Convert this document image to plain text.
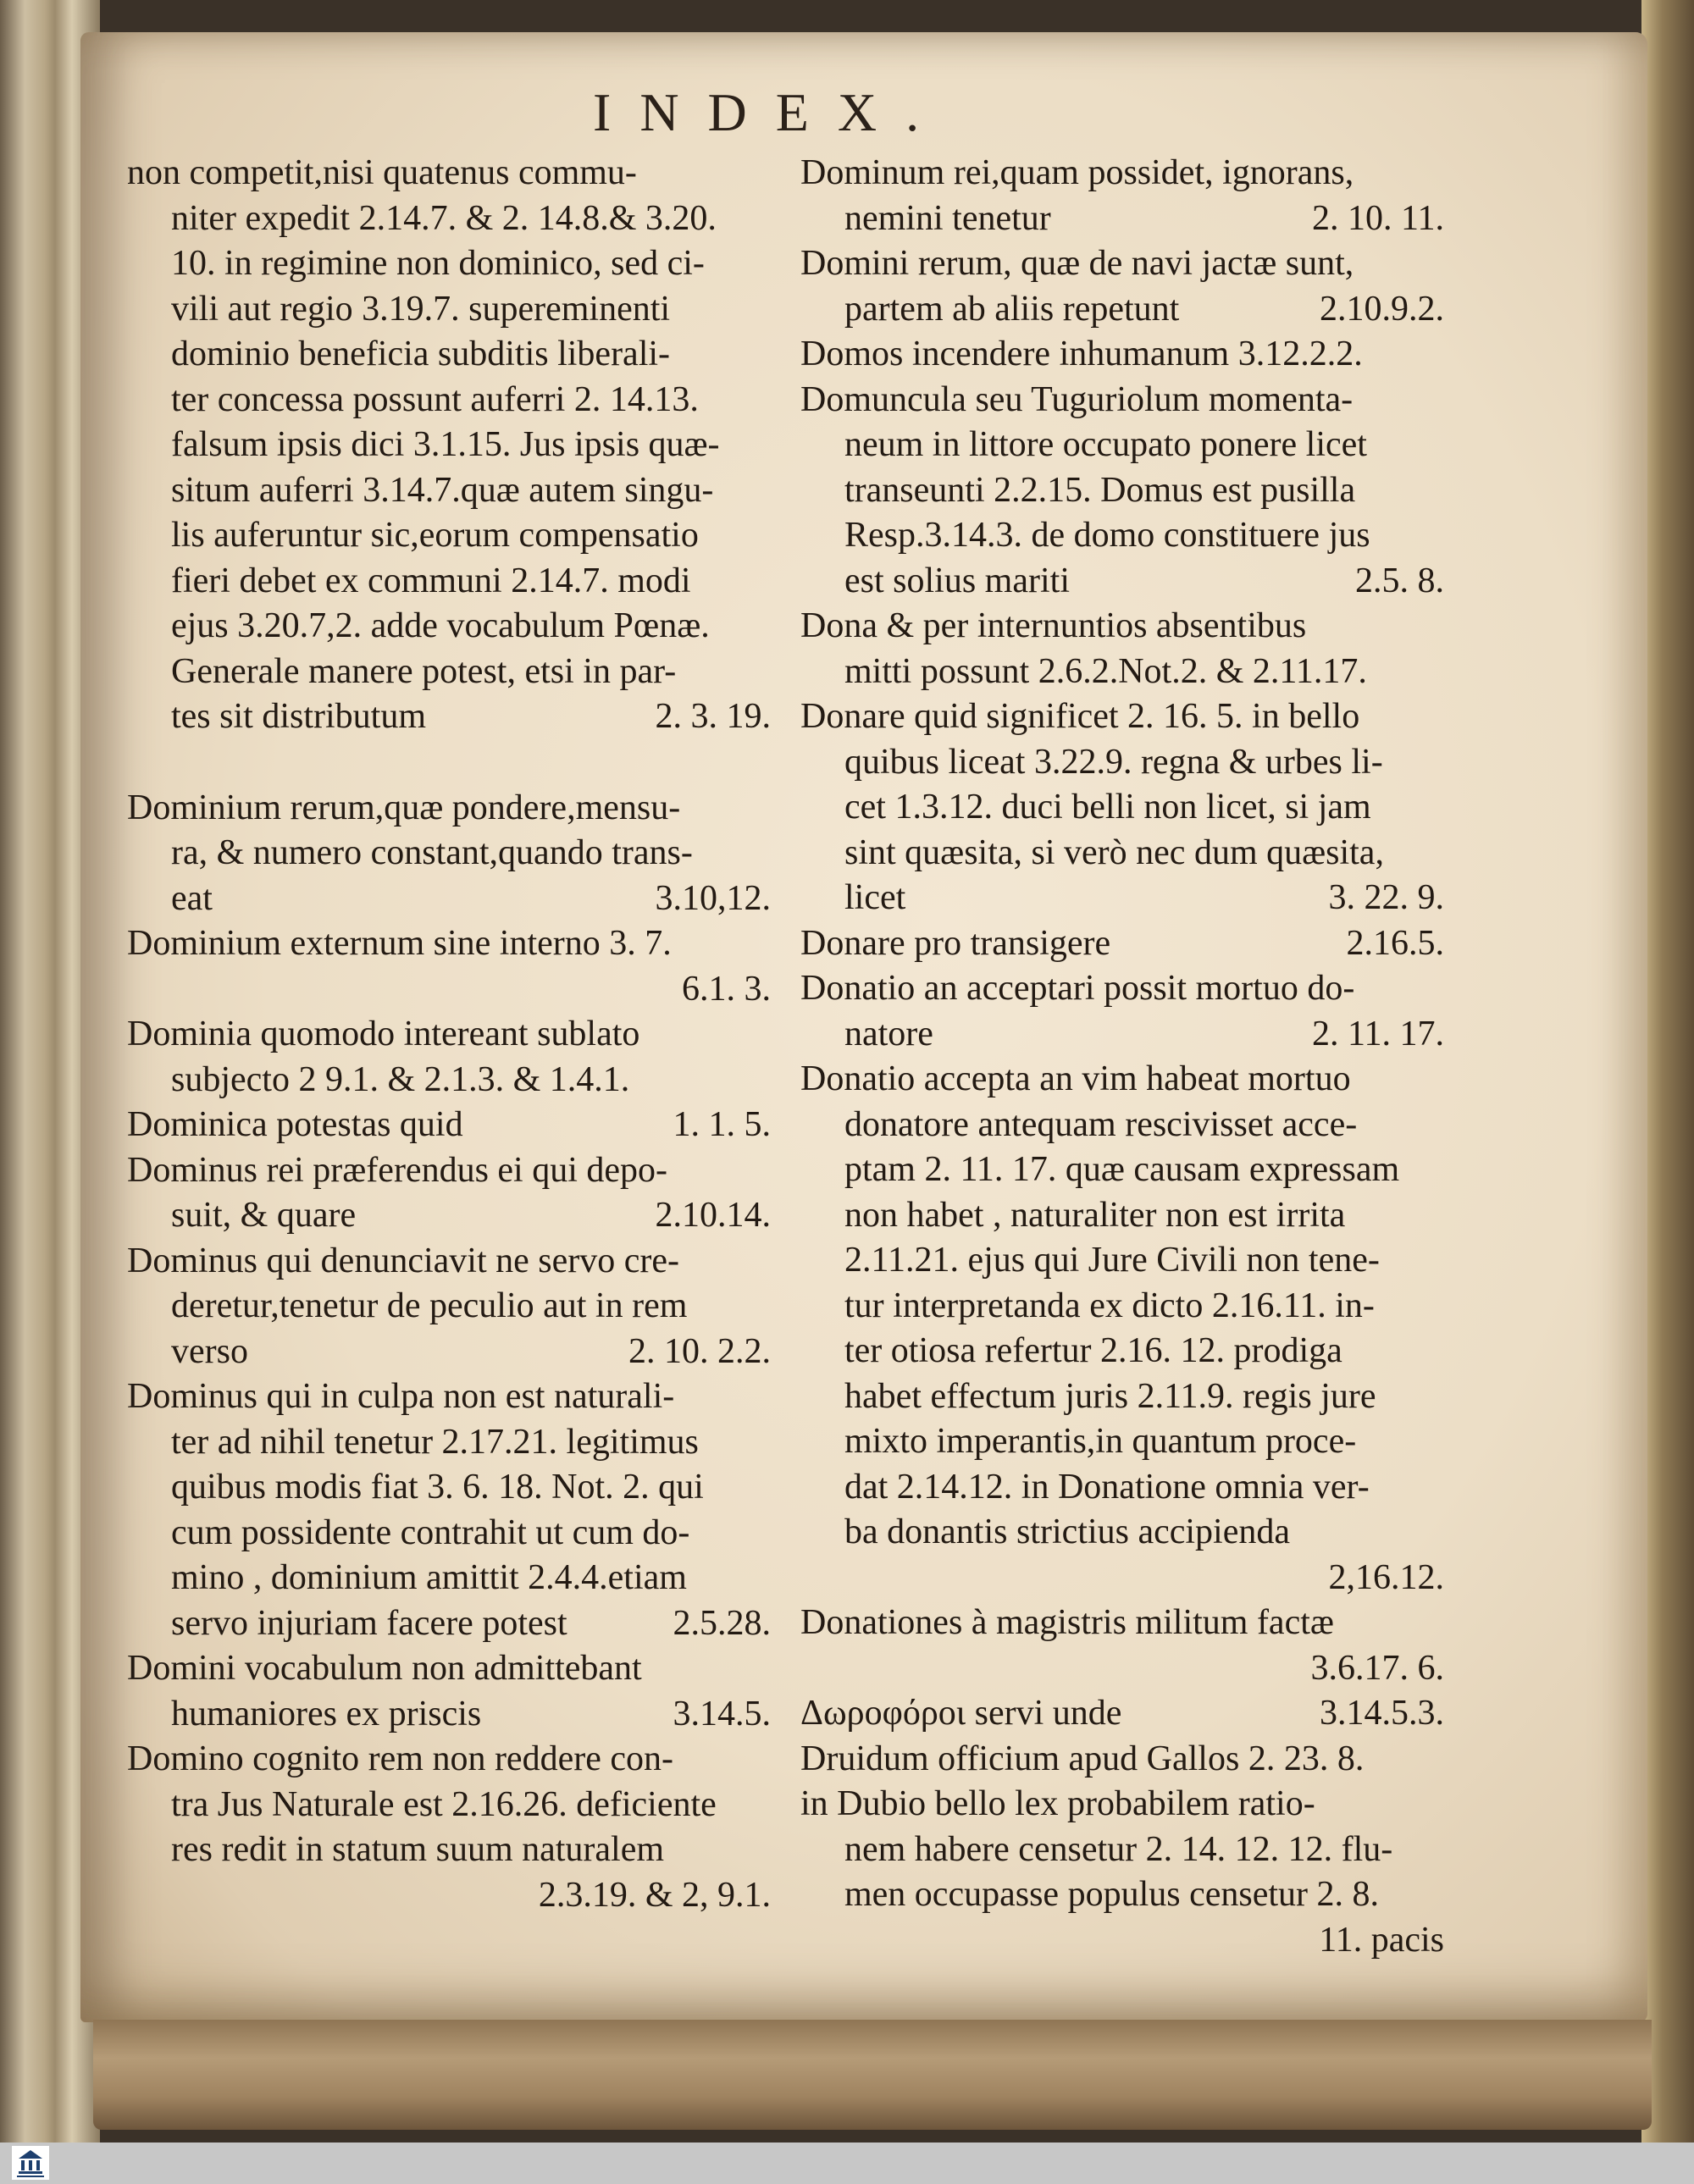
INDEX.
non competit,nisi quatenus commu-
niter expedit 2.14.7. & 2. 14.8.& 3.20.
10. in regimine non dominico, sed ci-
vili aut regio 3.19.7. supereminenti
dominio beneficia subditis liberali-
ter concessa possunt auferri 2. 14.13.
falsum ipsis dici 3.1.15. Jus ipsis quæ-
situm auferri 3.14.7.quæ autem singu-
lis auferuntur sic,eorum compensatio
fieri debet ex communi 2.14.7. modi
ejus 3.20.7,2. adde vocabulum Pœnæ.
Generale manere potest, etsi in par-
tes sit distributum	2. 3. 19.
Dominium rerum,quæ pondere,mensu-
ra, & numero constant,quando trans-
eat	3.10,12.
Dominium externum sine interno 3. 7.
6.1. 3.
Dominia quomodo intereant sublato
subjecto 2 9.1. & 2.1.3. & 1.4.1.
Dominica potestas quid	1. 1. 5.
Dominus rei præferendus ei qui depo-
suit, & quare	2.10.14.
Dominus qui denunciavit ne servo cre-
deretur,tenetur de peculio aut in rem
verso	2. 10. 2.2.
Dominus qui in culpa non est naturali-
ter ad nihil tenetur 2.17.21. legitimus
quibus modis fiat 3. 6. 18. Not. 2. qui
cum possidente contrahit ut cum do-
mino , dominium amittit 2.4.4.etiam
servo injuriam facere potest	2.5.28.
Domini vocabulum non admittebant
humaniores ex priscis	3.14.5.
Domino cognito rem non reddere con-
tra Jus Naturale est 2.16.26. deficiente
res redit in statum suum naturalem
2.3.19. & 2, 9.1.
Dominum rei,quam possidet, ignorans,
nemini tenetur	2. 10. 11.
Domini rerum, quæ de navi jactæ sunt,
partem ab aliis repetunt	2.10.9.2.
Domos incendere inhumanum 3.12.2.2.
Domuncula seu Tuguriolum momenta-
neum in littore occupato ponere licet
transeunti 2.2.15. Domus est pusilla
Resp.3.14.3. de domo constituere jus
est solius mariti	2.5. 8.
Dona & per internuntios absentibus
mitti possunt 2.6.2.Not.2. & 2.11.17.
Donare quid significet 2. 16. 5. in bello
quibus liceat 3.22.9. regna & urbes li-
cet 1.3.12. duci belli non licet, si jam
sint quæsita, si verò nec dum quæsita,
licet	3. 22. 9.
Donare pro transigere	2.16.5.
Donatio an acceptari possit mortuo do-
natore	2. 11. 17.
Donatio accepta an vim habeat mortuo
donatore antequam rescivisset acce-
ptam 2. 11. 17. quæ causam expressam
non habet , naturaliter non est irrita
2.11.21. ejus qui Jure Civili non tene-
tur interpretanda ex dicto 2.16.11. in-
ter otiosa refertur 2.16. 12. prodiga
habet effectum juris 2.11.9. regis jure
mixto imperantis,in quantum proce-
dat 2.14.12. in Donatione omnia ver-
ba donantis strictius accipienda
2,16.12.
Donationes à magistris militum factæ
3.6.17. 6.
Δωροφόροι servi unde	3.14.5.3.
Druidum officium apud Gallos 2. 23. 8.
in Dubio bello lex probabilem ratio-
nem habere censetur 2. 14. 12. 12. flu-
men occupasse populus censetur 2. 8.
11. pacis
